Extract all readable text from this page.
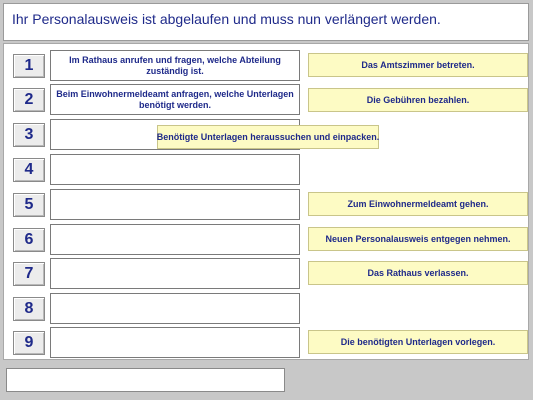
Ihr Personalausweis ist abgelaufen und muss nun verlängert werden.
1	Im Rathaus anrufen und fragen, welche Abteilung zuständig ist.
2	Beim Einwohnermeldeamt anfragen, welche Unterlagen benötigt werden.
3
4
5
6
7
8
9
Das Amtszimmer betreten.
Die Gebühren bezahlen.
Benötigte Unterlagen heraussuchen und einpacken.
Zum Einwohnermeldeamt gehen.
Neuen Personalausweis entgegen nehmen.
Das Rathaus verlassen.
Die benötigten Unterlagen vorlegen.
